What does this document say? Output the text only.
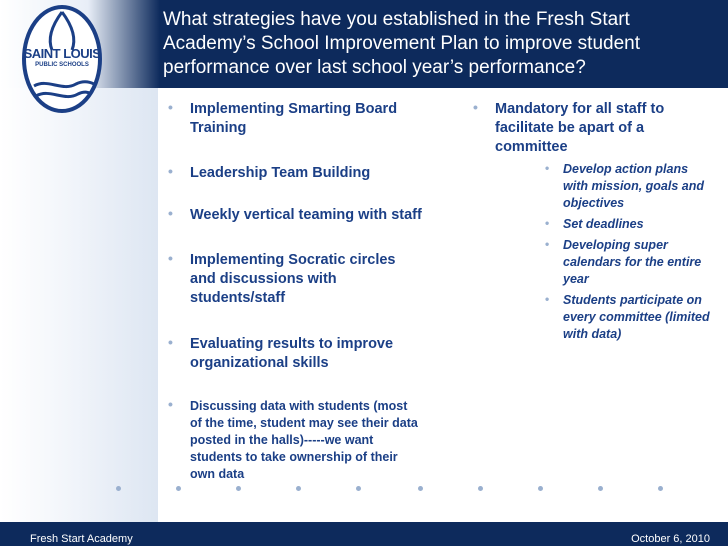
SAINT LOUIS
PUBLIC SCHOOLS
What strategies have you established in the Fresh Start Academy’s School Improvement Plan to improve student performance over last school year’s performance?
• Implementing Smarting Board Training
• Leadership Team Building
• Weekly vertical teaming with staff
• Implementing Socratic circles and discussions with students/staff
• Evaluating results to improve organizational skills
• Discussing data with students (most of the time, student may see their data posted in the halls)-----we want students to take ownership of their own data
• Mandatory for all staff to facilitate be apart of a committee
• Develop action plans with mission, goals and objectives
• Set deadlines
• Developing super calendars for the entire year
• Students participate on every committee (limited with data)
Fresh Start Academy	October 6, 2010
